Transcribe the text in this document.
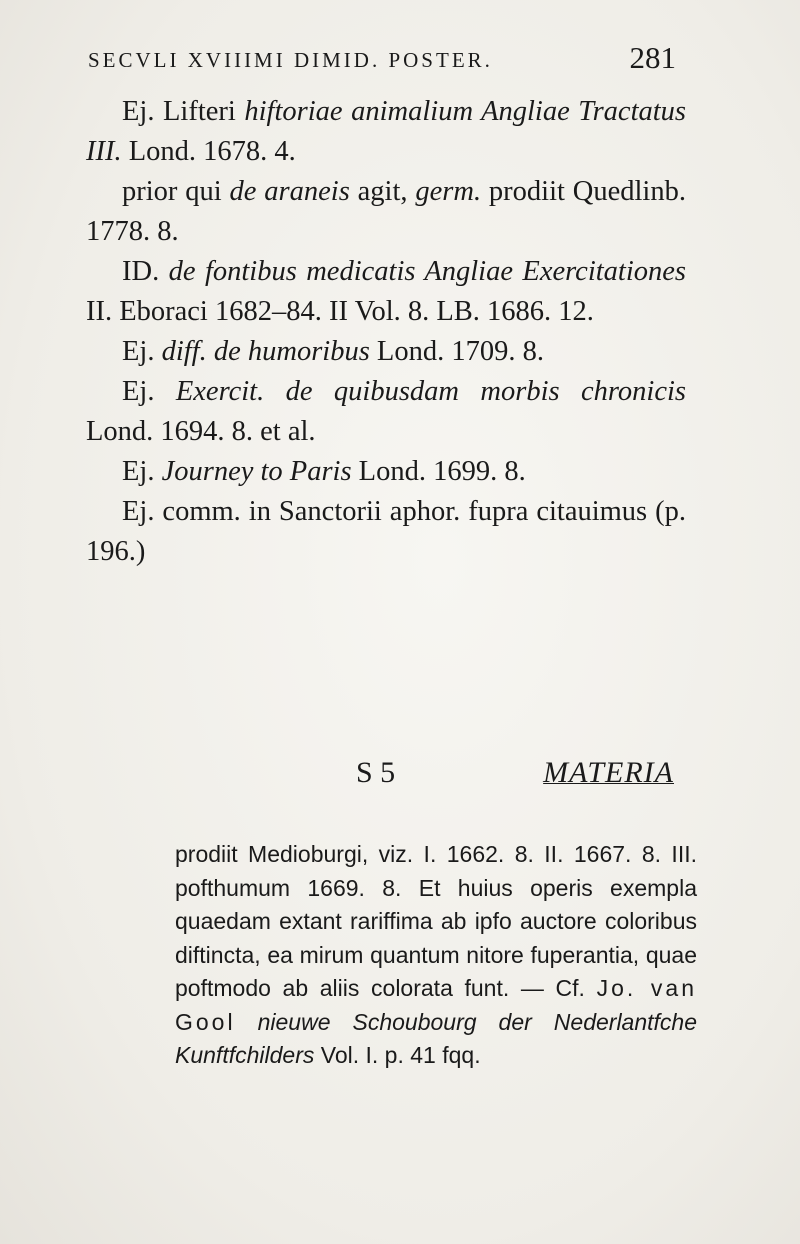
SECVLI XVIIIMI DIMID. POSTER.	281

Ej. Lifteri hiftoriae animalium Angliae Tractatus III. Lond. 1678. 4.

prior qui de araneis agit, germ. prodiit Quedlinb. 1778. 8.

ID. de fontibus medicatis Angliae Exercitationes II. Eboraci 1682–84. II Vol. 8. LB. 1686. 12.

Ej. diff. de humoribus Lond. 1709. 8.

Ej. Exercit. de quibusdam morbis chronicis Lond. 1694. 8. et al.

Ej. Journey to Paris Lond. 1699. 8.

Ej. comm. in Sanctorii aphor. fupra citauimus (p. 196.)

S 5	MATERIA

prodiit Medioburgi, viz. I. 1662. 8. II. 1667. 8. III. pofthumum 1669. 8. Et huius operis exempla quaedam extant rariffima ab ipfo auctore coloribus diftincta, ea mirum quantum nitore fuperantia, quae poftmodo ab aliis colorata funt. — Cf. Jo. van Gool nieuwe Schoubourg der Nederlantfche Kunftfchilders Vol. I. p. 41 fqq.
